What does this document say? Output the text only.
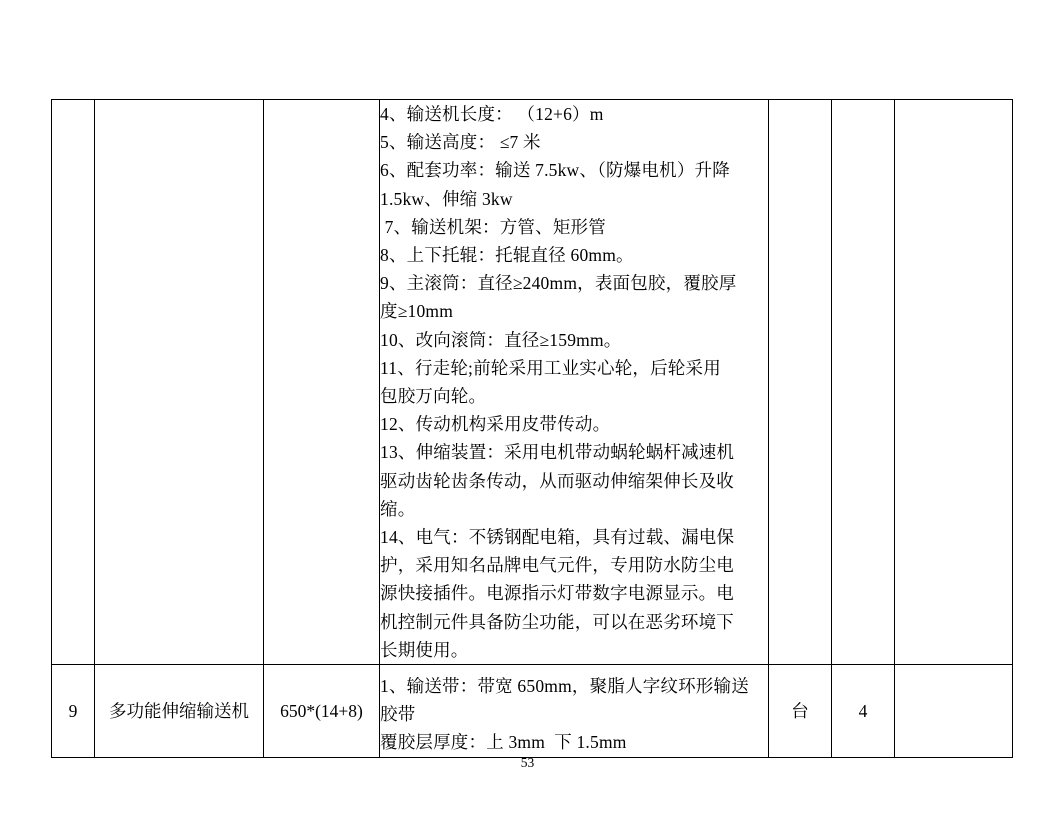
4、输送机长度： （12+6）m
5、输送高度： ≤7 米
6、配套功率：输送 7.5kw、（防爆电机）升降
1.5kw、伸缩 3kw
7、输送机架：方管、矩形管
8、上下托辊：托辊直径 60mm。
9、主滚筒：直径≥240mm，表面包胶，覆胶厚
度≥10mm
10、改向滚筒：直径≥159mm。
11、行走轮;前轮采用工业实心轮，后轮采用
包胶万向轮。
12、传动机构采用皮带传动。
13、伸缩装置：采用电机带动蜗轮蜗杆减速机
驱动齿轮齿条传动，从而驱动伸缩架伸长及收
缩。
14、电气：不锈钢配电箱，具有过载、漏电保
护，采用知名品牌电气元件，专用防水防尘电
源快接插件。电源指示灯带数字电源显示。电
机控制元件具备防尘功能，可以在恶劣环境下
长期使用。

9	多功能伸缩输送机	650*(14+8)	1、输送带：带宽 650mm，聚脂人字纹环形输送
胶带
覆胶层厚度：上 3mm  下 1.5mm	台	4	
53
